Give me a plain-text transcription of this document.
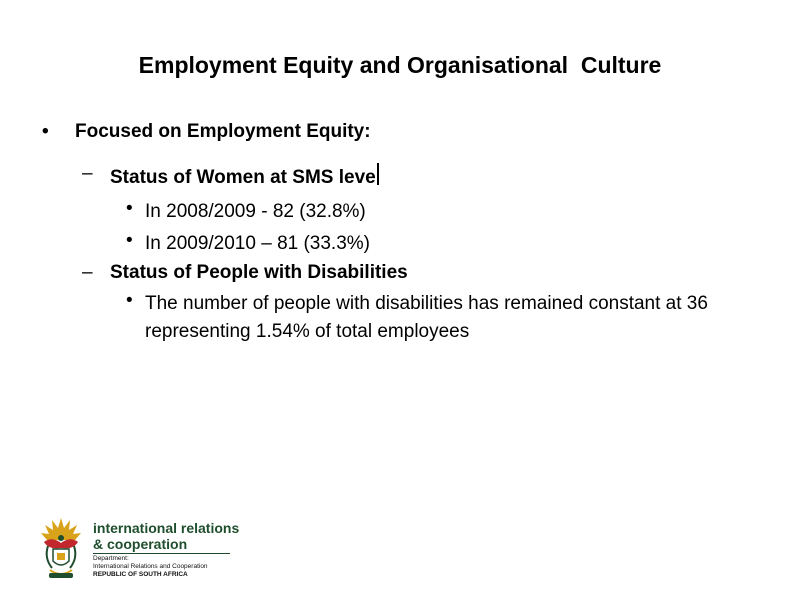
Employment Equity and Organisational  Culture
•	Focused on Employment Equity:
– Status of Women at SMS leve
• In 2008/2009 - 82 (32.8%)
• In 2009/2010 – 81 (33.3%)
– Status of People with Disabilities
• The number of people with disabilities has remained constant at 36 representing 1.54% of total employees
international relations
& cooperation
Department:
International Relations and Cooperation
REPUBLIC OF SOUTH AFRICA
